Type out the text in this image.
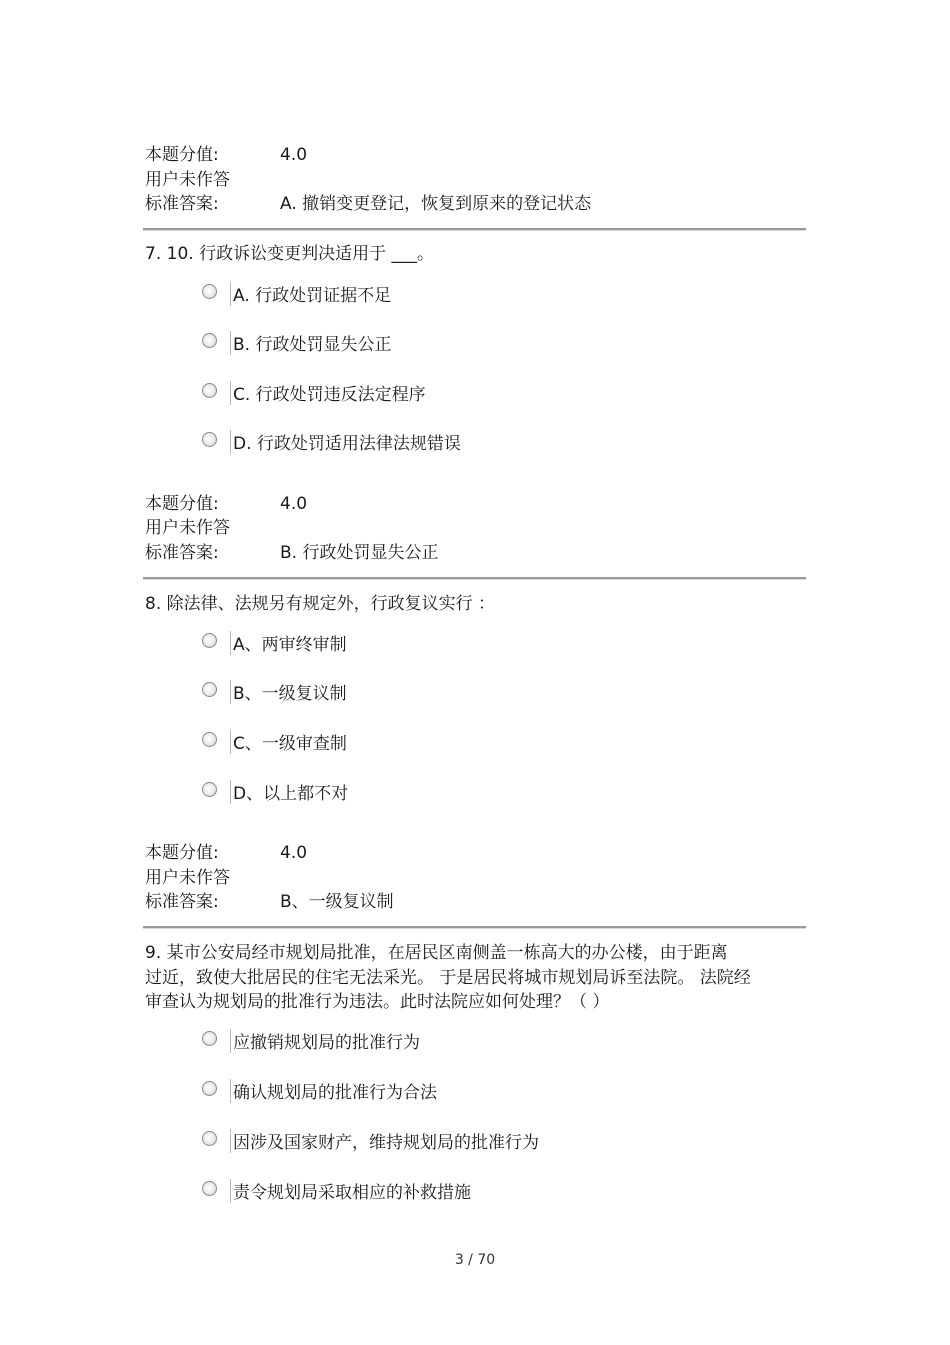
本题分值:	4.0
用户未作答
标准答案:	A. 撤销变更登记，恢复到原来的登记状态
7. 10. 行政诉讼变更判决适用于 ___。
A. 行政处罚证据不足
B. 行政处罚显失公正
C. 行政处罚违反法定程序
D. 行政处罚适用法律法规错误
本题分值:	4.0
用户未作答
标准答案:	B. 行政处罚显失公正
8. 除法律、法规另有规定外，行政复议实行 ：
A、两审终审制
B、一级复议制
C、一级审查制
D、以上都不对
本题分值:	4.0
用户未作答
标准答案:	B、一级复议制
9. 某市公安局经市规划局批准，在居民区南侧盖一栋高大的办公楼，由于距离
过近，致使大批居民的住宅无法采光。 于是居民将城市规划局诉至法院。 法院经
审查认为规划局的批准行为违法。此时法院应如何处理？（ ）
应撤销规划局的批准行为
确认规划局的批准行为合法
因涉及国家财产，维持规划局的批准行为
责令规划局采取相应的补救措施
3 / 70
